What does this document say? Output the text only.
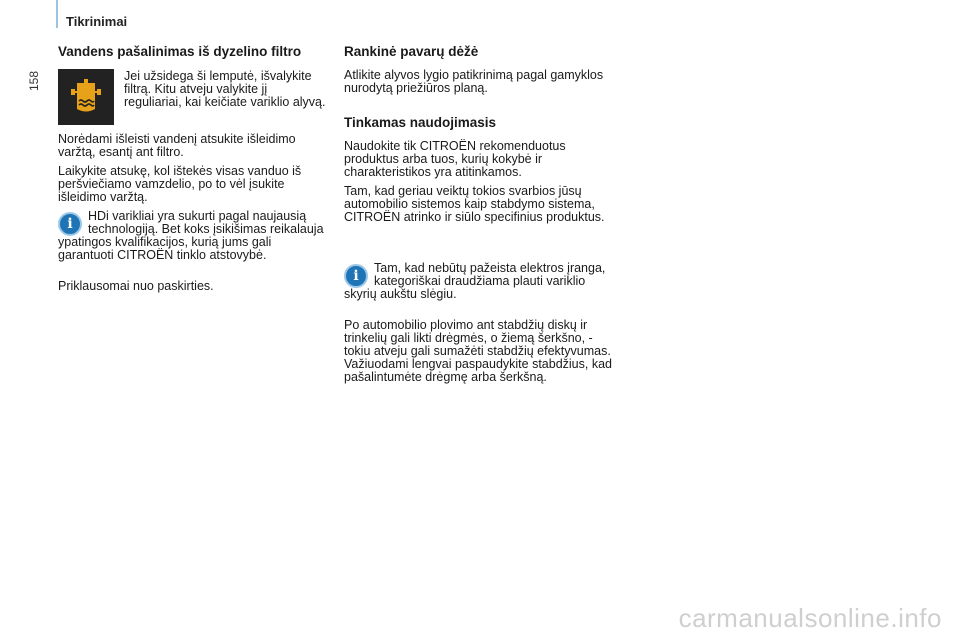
158
Tikrinimai
Vandens pašalinimas iš dyzelino filtro

Jei užsidega ši lemputė, išvalykite filtrą. Kitu atveju valykite jį reguliariai, kai keičiate variklio alyvą.

Norėdami išleisti vandenį atsukite išleidimo varžtą, esantį ant filtro.

Laikykite atsukę, kol ištekės visas vanduo iš peršviečiamo vamzdelio, po to vėl įsukite išleidimo varžtą.

i	HDi varikliai yra sukurti pagal naujausią technologiją. Bet koks įsikišimas reikalauja ypatingos kvalifikacijos, kurią jums gali garantuoti CITROËN tinklo atstovybė.

Priklausomai nuo paskirties.

Rankinė pavarų dėžė

Atlikite alyvos lygio patikrinimą pagal gamyklos nurodytą priežiūros planą.

Tinkamas naudojimasis

Naudokite tik CITROËN rekomenduotus produktus arba tuos, kurių kokybė ir charakteristikos yra atitinkamos.

Tam, kad geriau veiktų tokios svarbios jūsų automobilio sistemos kaip stabdymo sistema, CITROËN atrinko ir siūlo specifinius produktus.

i	Tam, kad nebūtų pažeista elektros įranga, kategoriškai draudžiama plauti variklio skyrių aukštu slėgiu.

Po automobilio plovimo ant stabdžių diskų ir trinkelių gali likti drėgmės, o žiemą šerkšno, - tokiu atveju gali sumažėti stabdžių efektyvumas. Važiuodami lengvai paspaudykite stabdžius, kad pašalintumėte drėgmę arba šerkšną.

carmanualsonline.info
